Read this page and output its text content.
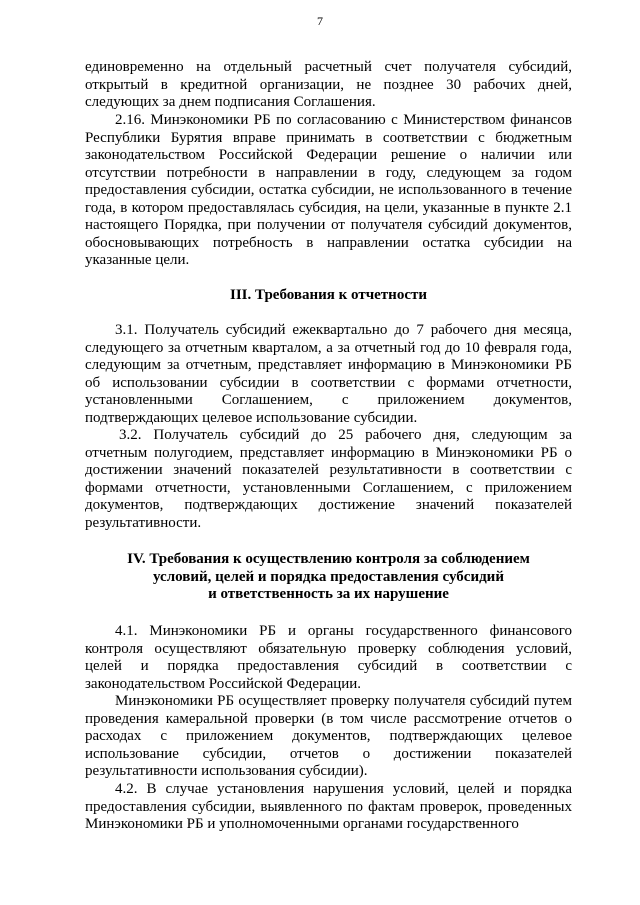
7

единовременно на отдельный расчетный счет получателя субсидий, открытый в кредитной организации, не позднее 30 рабочих дней, следующих за днем подписания Соглашения.

2.16. Минэкономики РБ по согласованию с Министерством финансов Республики Бурятия вправе принимать в соответствии с бюджетным законодательством Российской Федерации решение о наличии или отсутствии потребности в направлении в году, следующем за годом предоставления субсидии, остатка субсидии, не использованного в течение года, в котором предоставлялась субсидия, на цели, указанные в пункте 2.1 настоящего Порядка, при получении от получателя субсидий документов, обосновывающих потребность в направлении остатка субсидии на указанные цели.

III. Требования к отчетности

3.1. Получатель субсидий ежеквартально до 7 рабочего дня месяца, следующего за отчетным кварталом, а за отчетный год до 10 февраля года, следующим за отчетным, представляет информацию в Минэкономики РБ об использовании субсидии в соответствии с формами отчетности, установленными Соглашением, с приложением документов, подтверждающих целевое использование субсидии.

3.2. Получатель субсидий до 25 рабочего дня, следующим за отчетным полугодием, представляет информацию в Минэкономики РБ о достижении значений показателей результативности в соответствии с формами отчетности, установленными Соглашением, с приложением документов, подтверждающих достижение значений показателей результативности.

IV. Требования к осуществлению контроля за соблюдением
условий, целей и порядка предоставления субсидий
и ответственность за их нарушение

4.1. Минэкономики РБ и органы государственного финансового контроля осуществляют обязательную проверку соблюдения условий, целей и порядка предоставления субсидий в соответствии с законодательством Российской Федерации.

Минэкономики РБ осуществляет проверку получателя субсидий путем проведения камеральной проверки (в том числе рассмотрение отчетов о расходах с приложением документов, подтверждающих целевое использование субсидии, отчетов о достижении показателей результативности использования субсидии).

4.2. В случае установления нарушения условий, целей и порядка предоставления субсидии, выявленного по фактам проверок, проведенных Минэкономики РБ и уполномоченными органами государственного
